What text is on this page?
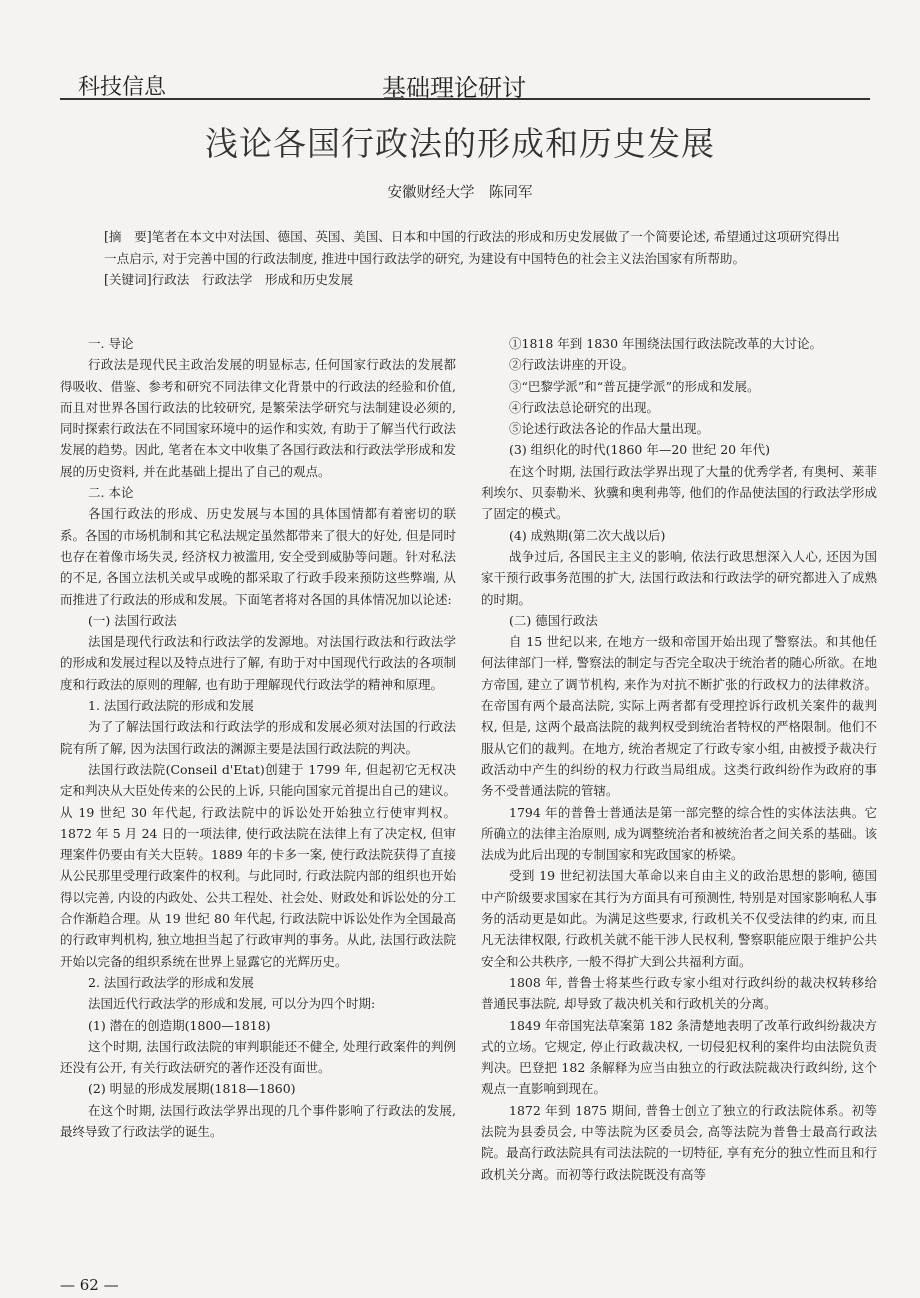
科技信息	基础理论研讨
浅论各国行政法的形成和历史发展
安徽财经大学　陈同军

[摘　要]笔者在本文中对法国、德国、英国、美国、日本和中国的行政法的形成和历史发展做了一个简要论述, 希望通过这项研究得出一点启示, 对于完善中国的行政法制度, 推进中国行政法学的研究, 为建设有中国特色的社会主义法治国家有所帮助。

[关键词]行政法　行政法学　形成和历史发展

一. 导论

行政法是现代民主政治发展的明显标志, 任何国家行政法的发展都得吸收、借鉴、参考和研究不同法律文化背景中的行政法的经验和价值, 而且对世界各国行政法的比较研究, 是繁荣法学研究与法制建设必须的, 同时探索行政法在不同国家环境中的运作和实效, 有助于了解当代行政法发展的趋势。因此, 笔者在本文中收集了各国行政法和行政法学形成和发展的历史资料, 并在此基础上提出了自己的观点。

二. 本论

各国行政法的形成、历史发展与本国的具体国情都有着密切的联系。各国的市场机制和其它私法规定虽然都带来了很大的好处, 但是同时也存在着像市场失灵, 经济权力被滥用, 安全受到威胁等问题。针对私法的不足, 各国立法机关或早或晚的都采取了行政手段来预防这些弊端, 从而推进了行政法的形成和发展。下面笔者将对各国的具体情况加以论述:

(一) 法国行政法

法国是现代行政法和行政法学的发源地。对法国行政法和行政法学的形成和发展过程以及特点进行了解, 有助于对中国现代行政法的各项制度和行政法的原则的理解, 也有助于理解现代行政法学的精神和原理。

1. 法国行政法院的形成和发展

为了了解法国行政法和行政法学的形成和发展必须对法国的行政法院有所了解, 因为法国行政法的渊源主要是法国行政法院的判决。

法国行政法院(Conseil d'Etat)创建于 1799 年, 但起初它无权决定和判决从大臣处传来的公民的上诉, 只能向国家元首提出自己的建议。从 19 世纪 30 年代起, 行政法院中的诉讼处开始独立行使审判权。1872 年 5 月 24 日的一项法律, 使行政法院在法律上有了决定权, 但审理案件仍要由有关大臣转。1889 年的卡多一案, 使行政法院获得了直接从公民那里受理行政案件的权利。与此同时, 行政法院内部的组织也开始得以完善, 内设的内政处、公共工程处、社会处、财政处和诉讼处的分工合作渐趋合理。从 19 世纪 80 年代起, 行政法院中诉讼处作为全国最高的行政审判机构, 独立地担当起了行政审判的事务。从此, 法国行政法院开始以完备的组织系统在世界上显露它的光辉历史。

2. 法国行政法学的形成和发展

法国近代行政法学的形成和发展, 可以分为四个时期:

(1) 潜在的创造期(1800—1818)

这个时期, 法国行政法院的审判职能还不健全, 处理行政案件的判例还没有公开, 有关行政法研究的著作还没有面世。

(2) 明显的形成发展期(1818—1860)

在这个时期, 法国行政法学界出现的几个事件影响了行政法的发展, 最终导致了行政法学的诞生。

①1818 年到 1830 年围绕法国行政法院改革的大讨论。

②行政法讲座的开设。

③“巴黎学派”和“普瓦捷学派”的形成和发展。

④行政法总论研究的出现。

⑤论述行政法各论的作品大量出现。

(3) 组织化的时代(1860 年—20 世纪 20 年代)

在这个时期, 法国行政法学界出现了大量的优秀学者, 有奥柯、莱菲利埃尔、贝泰勒米、狄骥和奥利弗等, 他们的作品使法国的行政法学形成了固定的模式。

(4) 成熟期(第二次大战以后)

战争过后, 各国民主主义的影响, 依法行政思想深入人心, 还因为国家干预行政事务范围的扩大, 法国行政法和行政法学的研究都进入了成熟的时期。

(二) 德国行政法

自 15 世纪以来, 在地方一级和帝国开始出现了警察法。和其他任何法律部门一样, 警察法的制定与否完全取决于统治者的随心所欲。在地方帝国, 建立了调节机构, 来作为对抗不断扩张的行政权力的法律救济。在帝国有两个最高法院, 实际上两者都有受理控诉行政机关案件的裁判权, 但是, 这两个最高法院的裁判权受到统治者特权的严格限制。他们不服从它们的裁判。在地方, 统治者规定了行政专家小组, 由被授予裁决行政活动中产生的纠纷的权力行政当局组成。这类行政纠纷作为政府的事务不受普通法院的管辖。

1794 年的普鲁士普通法是第一部完整的综合性的实体法法典。它所确立的法律主治原则, 成为调整统治者和被统治者之间关系的基础。该法成为此后出现的专制国家和宪政国家的桥梁。

受到 19 世纪初法国大革命以来自由主义的政治思想的影响, 德国中产阶级要求国家在其行为方面具有可预测性, 特别是对国家影响私人事务的活动更是如此。为满足这些要求, 行政机关不仅受法律的约束, 而且凡无法律权限, 行政机关就不能干涉人民权利, 警察职能应限于维护公共安全和公共秩序, 一般不得扩大到公共福利方面。

1808 年, 普鲁士将某些行政专家小组对行政纠纷的裁决权转移给普通民事法院, 却导致了裁决机关和行政机关的分离。

1849 年帝国宪法草案第 182 条清楚地表明了改革行政纠纷裁决方式的立场。它规定, 停止行政裁决权, 一切侵犯权利的案件均由法院负责判决。巴登把 182 条解释为应当由独立的行政法院裁决行政纠纷, 这个观点一直影响到现在。

1872 年到 1875 期间, 普鲁士创立了独立的行政法院体系。初等法院为县委员会, 中等法院为区委员会, 高等法院为普鲁士最高行政法院。最高行政法院具有司法法院的一切特征, 享有充分的独立性而且和行政机关分离。而初等行政法院既没有高等

— 62 —
